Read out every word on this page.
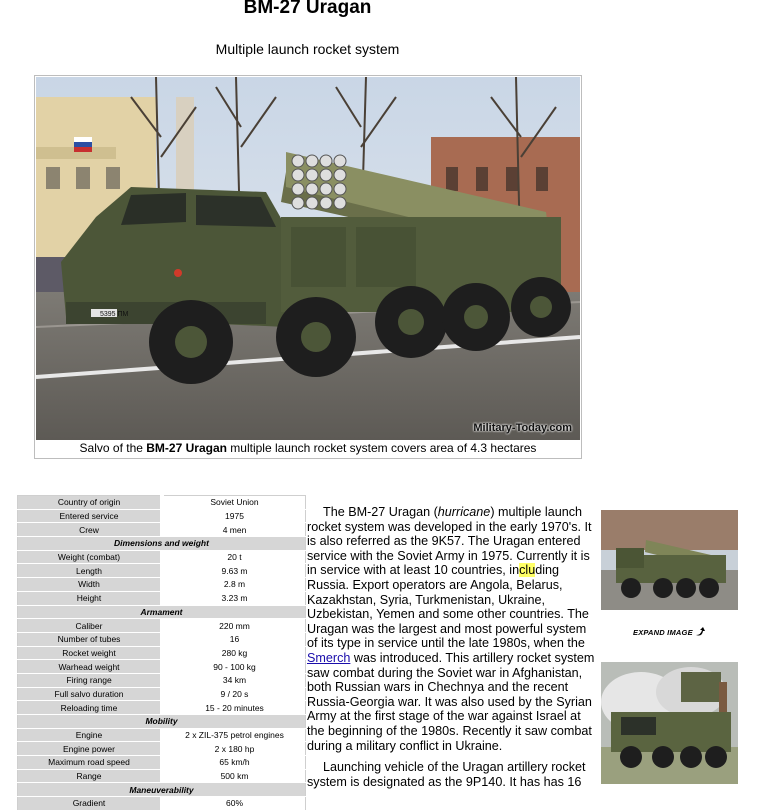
BM-27 Uragan
Multiple launch rocket system
5395 ПМ
Military-Today.com
Salvo of the BM-27 Uragan multiple launch rocket system covers area of 4.3 hectares
Country of origin	Soviet Union
Entered service	1975
Crew	4 men
Dimensions and weight	
Weight (combat)	20 t
Length	9.63 m
Width	2.8 m
Height	3.23 m
Armament	
Caliber	220 mm
Number of tubes	16
Rocket weight	280 kg
Warhead weight	90 - 100 kg
Firing range	34 km
Full salvo duration	9 / 20 s
Reloading time	15 - 20 minutes
Mobility	
Engine	2 x ZIL-375 petrol engines
Engine power	2 x 180 hp
Maximum road speed	65 km/h
Range	500 km
Maneuverability	
Gradient	60%

The BM-27 Uragan (hurricane) multiple launch rocket system was developed in the early 1970's. It is also referred as the 9K57. The Uragan entered service with the Soviet Army in 1975. Currently it is in service with at least 10 countries, including Russia. Export operators are Angola, Belarus, Kazakhstan, Syria, Turkmenistan, Ukraine, Uzbekistan, Yemen and some other countries. The Uragan was the largest and most powerful system of its type in service until the late 1980s, when the Smerch was introduced. This artillery rocket system saw combat during the Soviet war in Afghanistan, both Russian wars in Chechnya and the recent Russia-Georgia war. It was also used by the Syrian Army at the first stage of the war against Israel at the beginning of the 1980s. Recently it saw combat during a military conflict in Ukraine.

Launching vehicle of the Uragan artillery rocket system is designated as the 9P140. It has has 16

EXPAND IMAGE
